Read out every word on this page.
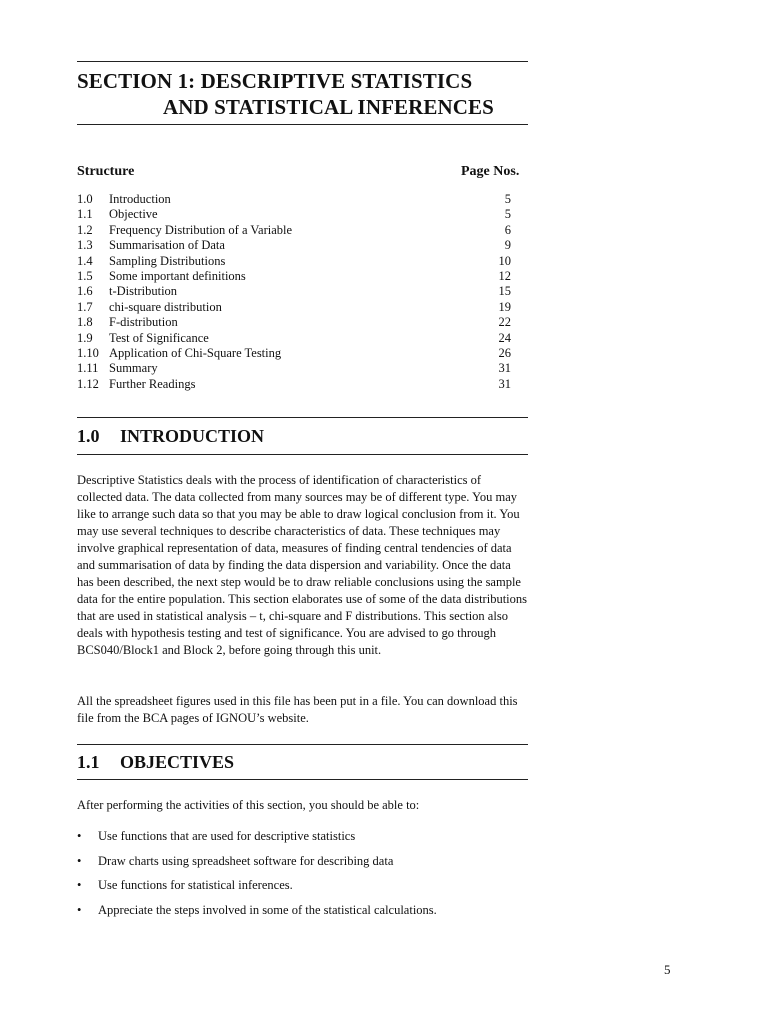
SECTION 1: DESCRIPTIVE STATISTICS
AND STATISTICAL INFERENCES
Structure	Page Nos.
1.0	Introduction	5
1.1	Objective	5
1.2	Frequency Distribution of a Variable	6
1.3	Summarisation of Data	9
1.4	Sampling Distributions	10
1.5	Some important definitions	12
1.6	t-Distribution	15
1.7	chi-square distribution	19
1.8	F-distribution	22
1.9	Test of Significance	24
1.10 Application of Chi-Square Testing	26
1.11 Summary	31
1.12 Further Readings	31
1.0 INTRODUCTION

Descriptive Statistics deals with the process of identification of characteristics of collected data. The data collected from many sources may be of different type. You may like to arrange such data so that you may be able to draw logical conclusion from it. You may use several techniques to describe characteristics of data. These techniques may involve graphical representation of data, measures of finding central tendencies of data and summarisation of data by finding the data dispersion and variability. Once the data has been described, the next step would be to draw reliable conclusions using the sample data for the entire population. This section elaborates use of some of the data distributions that are used in statistical analysis – t, chi-square and F distributions. This section also deals with hypothesis testing and test of significance. You are advised to go through BCS040/Block1 and Block 2, before going through this unit.

All the spreadsheet figures used in this file has been put in a file. You can download this file from the BCA pages of IGNOU’s website.

1.1 OBJECTIVES

After performing the activities of this section, you should be able to:

• Use functions that are used for descriptive statistics
• Draw charts using spreadsheet software for describing data
• Use functions for statistical inferences.
• Appreciate the steps involved in some of the statistical calculations.
5
